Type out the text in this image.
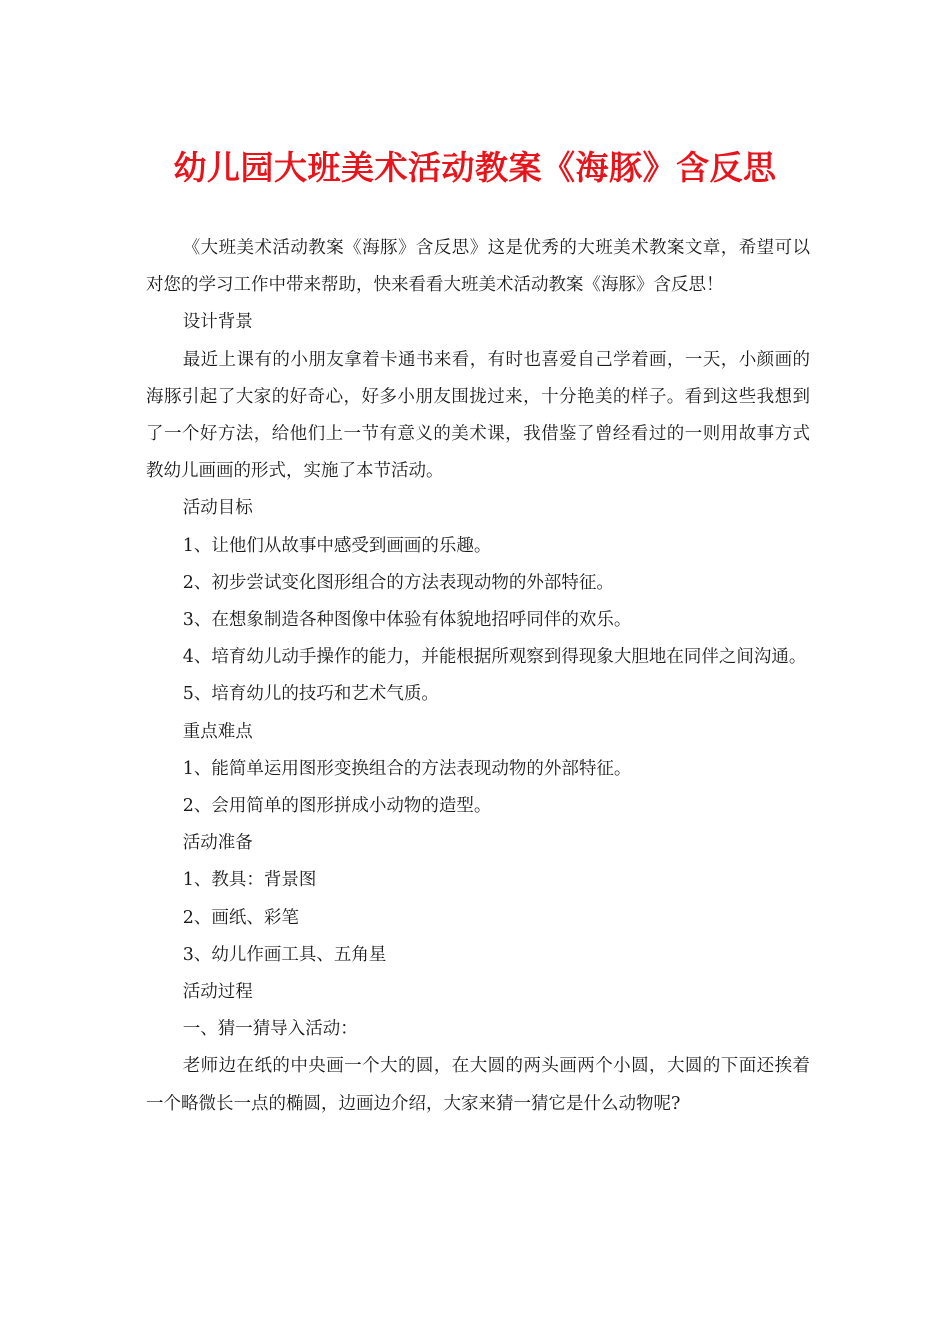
幼儿园大班美术活动教案《海豚》含反思

《大班美术活动教案《海豚》含反思》这是优秀的大班美术教案文章，希望可以对您的学习工作中带来帮助，快来看看大班美术活动教案《海豚》含反思！

设计背景

最近上课有的小朋友拿着卡通书来看，有时也喜爱自己学着画，一天，小颜画的海豚引起了大家的好奇心，好多小朋友围拢过来，十分艳美的样子。看到这些我想到了一个好方法，给他们上一节有意义的美术课，我借鉴了曾经看过的一则用故事方式教幼儿画画的形式，实施了本节活动。

活动目标

1、让他们从故事中感受到画画的乐趣。

2、初步尝试变化图形组合的方法表现动物的外部特征。

3、在想象制造各种图像中体验有体貌地招呼同伴的欢乐。

4、培育幼儿动手操作的能力，并能根据所观察到得现象大胆地在同伴之间沟通。

5、培育幼儿的技巧和艺术气质。

重点难点

1、能简单运用图形变换组合的方法表现动物的外部特征。

2、会用简单的图形拼成小动物的造型。

活动准备

1、教具：背景图

2、画纸、彩笔

3、幼儿作画工具、五角星

活动过程

一、猜一猜导入活动：

老师边在纸的中央画一个大的圆，在大圆的两头画两个小圆，大圆的下面还挨着一个略微长一点的椭圆，边画边介绍，大家来猜一猜它是什么动物呢?
